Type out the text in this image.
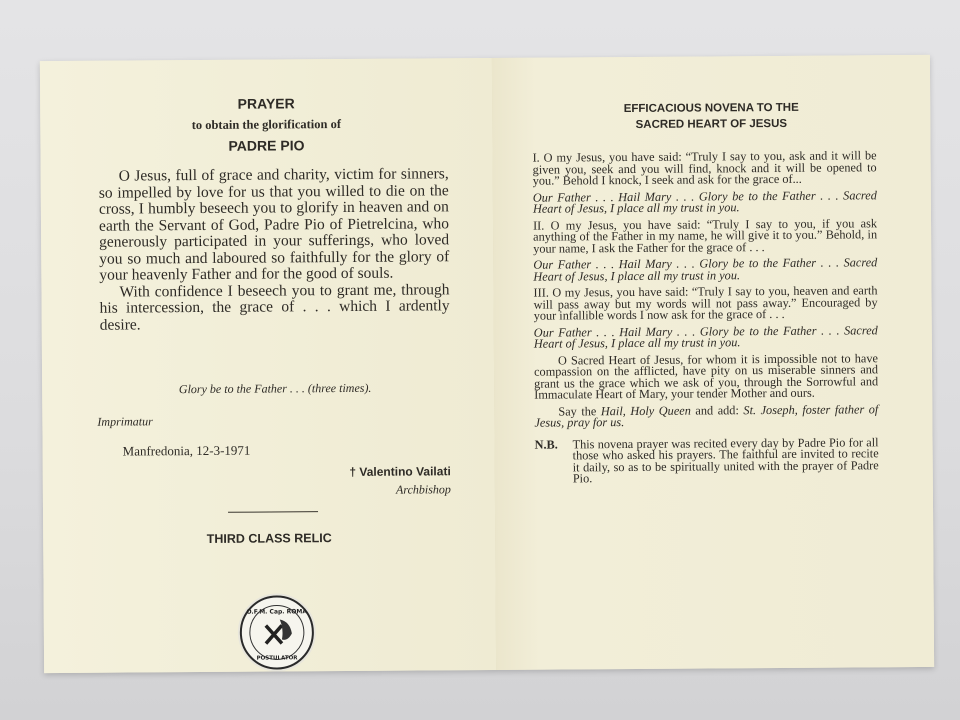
PRAYER
to obtain the glorification of
PADRE PIO

O Jesus, full of grace and charity, victim for sinners, so impelled by love for us that you willed to die on the cross, I humbly beseech you to glorify in heaven and on earth the Servant of God, Padre Pio of Pietrelcina, who generously participated in your sufferings, who loved you so much and laboured so faithfully for the glory of your heavenly Father and for the good of souls.

With confidence I beseech you to grant me, through his intercession, the grace of . . . which I ardently desire.

Glory be to the Father . . . (three times).
Imprimatur
Manfredonia, 12-3-1971
† Valentino Vailati
Archbishop
THIRD CLASS RELIC
O.F.M. Cap. ROMA
POSTULATOR
EFFICACIOUS NOVENA TO THE
SACRED HEART OF JESUS

I. O my Jesus, you have said: “Truly I say to you, ask and it will be given you, seek and you will find, knock and it will be opened to you.” Behold I knock, I seek and ask for the grace of...

Our Father . . . Hail Mary . . . Glory be to the Father . . . Sacred Heart of Jesus, I place all my trust in you.

II. O my Jesus, you have said: “Truly I say to you, if you ask anything of the Father in my name, he will give it to you.” Behold, in your name, I ask the Father for the grace of . . .

Our Father . . . Hail Mary . . . Glory be to the Father . . . Sacred Heart of Jesus, I place all my trust in you.

III. O my Jesus, you have said: “Truly I say to you, heaven and earth will pass away but my words will not pass away.” Encouraged by your infallible words I now ask for the grace of . . .

Our Father . . . Hail Mary . . . Glory be to the Father . . . Sacred Heart of Jesus, I place all my trust in you.

O Sacred Heart of Jesus, for whom it is impossible not to have compassion on the afflicted, have pity on us miserable sinners and grant us the grace which we ask of you, through the Sorrowful and Immaculate Heart of Mary, your tender Mother and ours.

Say the Hail, Holy Queen and add: St. Joseph, foster father of Jesus, pray for us.

N.B.	This novena prayer was recited every day by Padre Pio for all those who asked his prayers. The faithful are invited to recite it daily, so as to be spiritually united with the prayer of Padre Pio.
